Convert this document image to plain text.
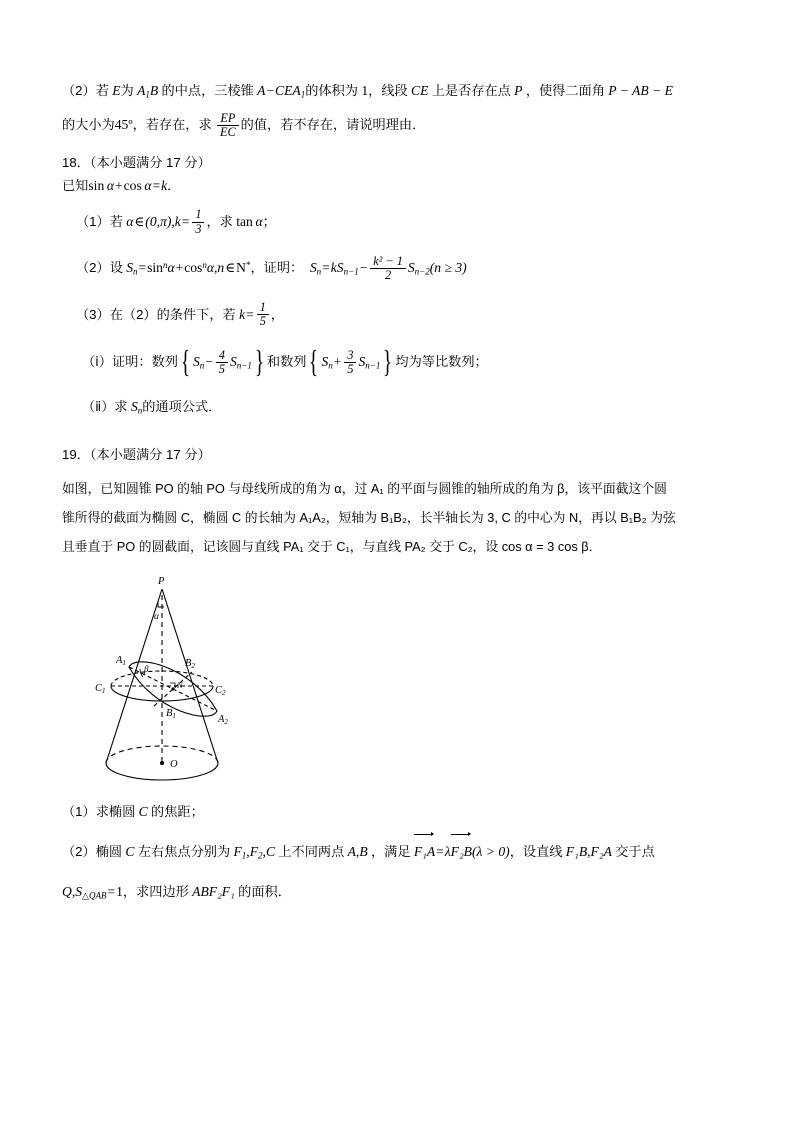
（2）若 E为 $A_1B$ 的中点，三棱锥 $A-CEA_1$的体积为 1，线段 CE 上是否存在点 P ，使得二面角 P − AB − E
的大小为45º，若存在，求 $\frac{EP}{EC}$ 的值，若不存在，请说明理由．
18．（本小题满分 17 分）
已知sin  α+cos  α=k．
（1）若 α∈(0,π),k= $\frac{1}{3}$ ，求 tan  α；
（2）设 $S_n=\sin^n\alpha+\cos^n\alpha,n\in N^*$，证明： $S_n=kS_{n-1}- \frac{\text{k² − 1}}{2} S_{n-2}(n \ge 3)$
（3）在（2）的条件下，若 $k= \frac{1}{5}$ ，
（ⅰ）证明：数列 { $S_n- \frac{4}{5} S_{n-1}$ } 和数列 { $S_n+ \frac{3}{5} S_{n-1}$ } 均为等比数列；
（ⅱ）求 $S_n$的通项公式．
19．（本小题满分 17 分）
如图，已知圆锥 PO 的轴 PO 与母线所成的角为 α，过 A₁ 的平面与圆锥的轴所成的角为 β，该平面截这个圆
锥所得的截面为椭圆 C，椭圆 C 的长轴为 A₁A₂，短轴为 B₁B₂，长半轴长为 3, C 的中心为 N，再以 B₁B₂ 为弦
且垂直于 PO 的圆截面，记该圆与直线 PA₁ 交于 C₁，与直线 PA₂ 交于 C₂，设 cos α = 3 cos β．
P
α
$A_1$
$A_2$
$B_1$
$B_2$
$C_1$	$C_2$
N
β
O
（1）求椭圆 C 的焦距；
（2）椭圆 C 左右焦点分别为 $F_1,F_2,C$ 上不同两点 A,B ，满足 F₁A=λF₂B(λ > 0)，设直线 F₁B,F₂A 交于点
$Q,S_{\triangle QAB}=1$，求四边形 ABF₂F₁ 的面积．
